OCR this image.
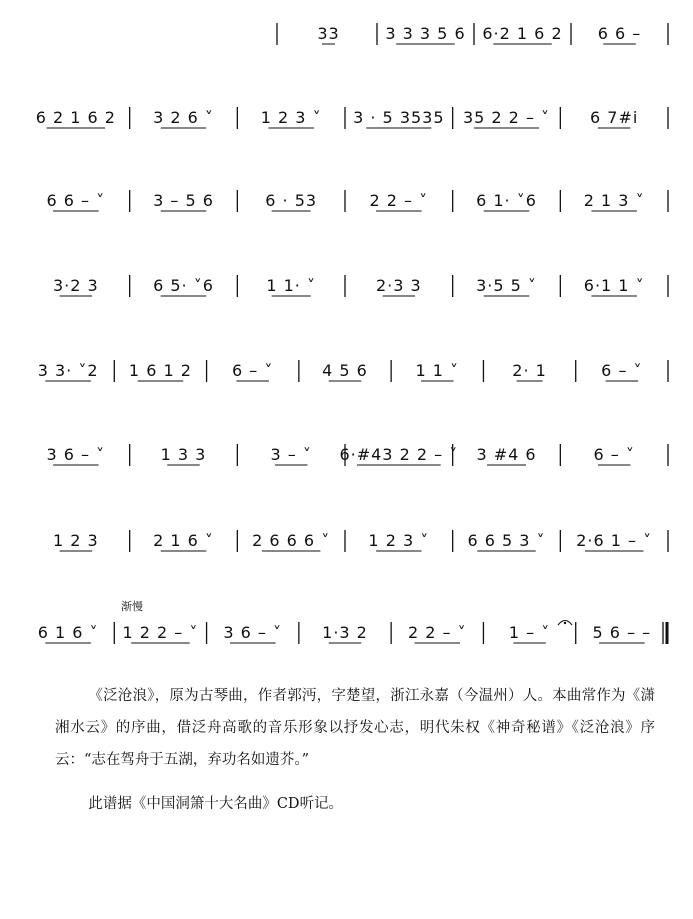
33	3 3 3 5 6 6·2 1 6 2 6 6 –
6 2 1 6 2 3 2 6 ˅	1 2 3 ˅ 3 · 5 3535 35 2 2 – ˅ 6 7#i
6 6 – ˅	3 – 5 6	6 · 53	2 2 – ˅	6 1· ˅6	2 1 3 ˅
3·2 3	6 5· ˅6	1 1· ˅	2·3 3	3·5 5 ˅	6·1 1 ˅
3 3· ˅2 1 6 1 2	6 – ˅	4 5 6	1 1 ˅	2· 1	6 – ˅
3 6 – ˅	1 3 3	3 – ˅ 6·#43 2 2 – ˅ 3 #4 6	6 – ˅
1 2 3	2 1 6 ˅ 2 6 6 6 ˅ 1 2 3 ˅ 6 6 5 3 ˅ 2·6 1 – ˅
6 1 6 ˅ 1 2 2 – ˅ 3 6 – ˅	1·3 2	2 2 – ˅	1 – ˅	5 6 – –
渐慢

《泛沧浪》，原为古琴曲，作者郭沔，字楚望，浙江永嘉（今温州）人。本曲常作为《潇湘水云》的序曲，借泛舟高歌的音乐形象以抒发心志，明代朱权《神奇秘谱》《泛沧浪》序云：“志在驾舟于五湖，弃功名如遗芥。”

此谱据《中国洞箫十大名曲》CD听记。
